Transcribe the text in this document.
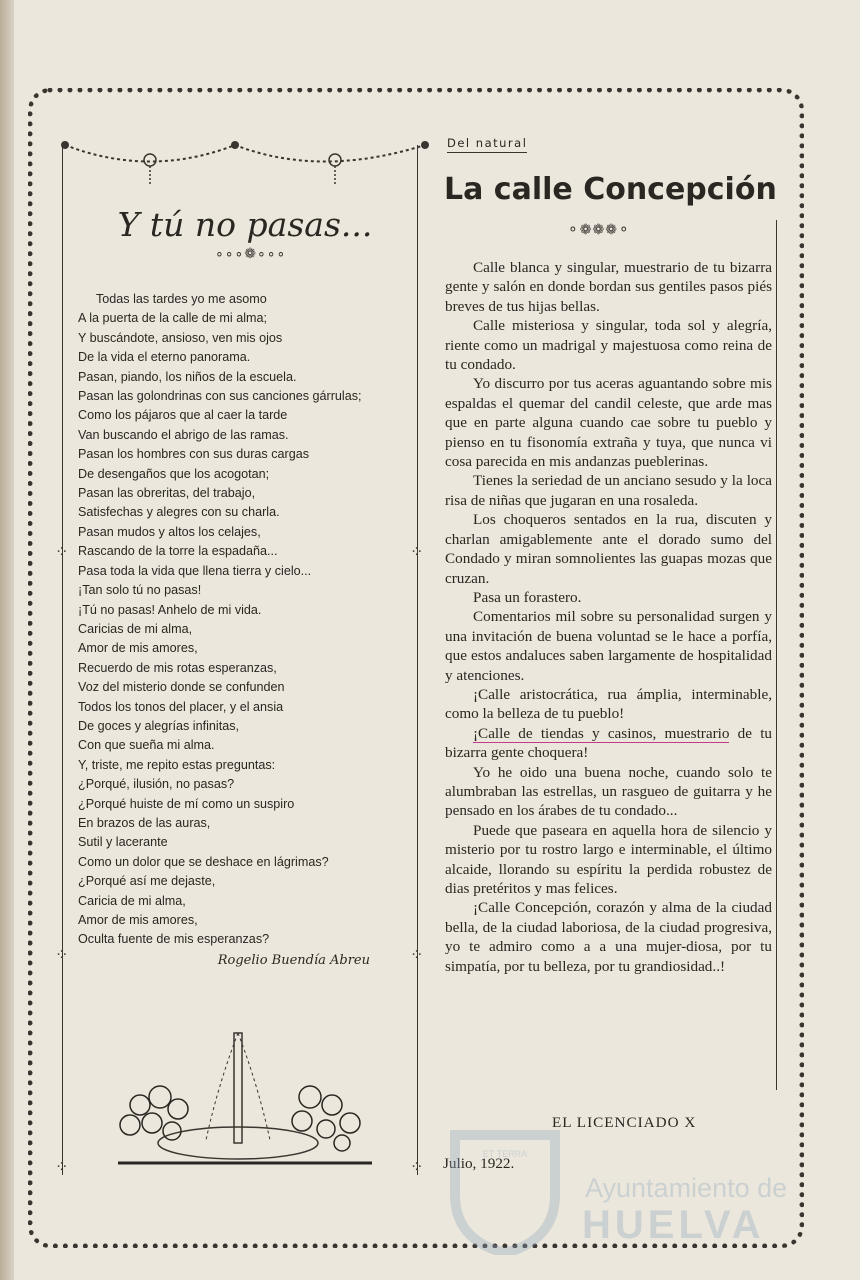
⁘	⁘
⁘	⁘
⁘	⁘
Y tú no pasas...
∘∘∘❁∘∘∘
Todas las tardes yo me asomo
A la puerta de la calle de mi alma;
Y buscándote, ansioso, ven mis ojos
De la vida el eterno panorama.
Pasan, piando, los niños de la escuela.
Pasan las golondrinas con sus canciones gárrulas;
Como los pájaros que al caer la tarde
Van buscando el abrigo de las ramas.
Pasan los hombres con sus duras cargas
De desengaños que los acogotan;
Pasan las obreritas, del trabajo,
Satisfechas y alegres con su charla.
Pasan mudos y altos los celajes,
Rascando de la torre la espadaña...
Pasa toda la vida que llena tierra y cielo...
¡Tan solo tú no pasas!
¡Tú no pasas! Anhelo de mi vida.
Caricias de mi alma,
Amor de mis amores,
Recuerdo de mis rotas esperanzas,
Voz del misterio donde se confunden
Todos los tonos del placer, y el ansia
De goces y alegrías infinitas,
Con que sueña mi alma.
Y, triste, me repito estas preguntas:
¿Porqué, ilusión, no pasas?
¿Porqué huiste de mí como un suspiro
En brazos de las auras,
Sutil y lacerante
Como un dolor que se deshace en lágrimas?
¿Porqué así me dejaste,
Caricia de mi alma,
Amor de mis amores,
Oculta fuente de mis esperanzas?
Rogelio Buendía Abreu
Del natural
La calle Concepción
⚬❁❁❁⚬

Calle blanca y singular, muestrario de tu bizarra gente y salón en donde bordan sus gentiles pasos piés breves de tus hijas bellas.

Calle misteriosa y singular, toda sol y alegría, riente como un madrigal y majestuosa como reina de tu condado.

Yo discurro por tus aceras aguantando sobre mis espaldas el quemar del candil celeste, que arde mas que en parte alguna cuando cae sobre tu pueblo y pienso en tu fisonomía extraña y tuya, que nunca vi cosa parecida en mis andanzas pueblerinas.

Tienes la seriedad de un anciano sesudo y la loca risa de niñas que jugaran en una rosaleda.

Los choqueros sentados en la rua, discuten y charlan amigablemente ante el dorado sumo del Condado y miran somnolientes las guapas mozas que cruzan.

Pasa un forastero.

Comentarios mil sobre su personalidad surgen y una invitación de buena voluntad se le hace a porfía, que estos andaluces saben largamente de hospitalidad y atenciones.

¡Calle aristocrática, rua ámplia, interminable, como la belleza de tu pueblo!

¡Calle de tiendas y casinos, muestrario de tu bizarra gente choquera!

Yo he oido una buena noche, cuando solo te alumbraban las estrellas, un rasgueo de guitarra y he pensado en los árabes de tu condado...

Puede que paseara en aquella hora de silencio y misterio por tu rostro largo e interminable, el último alcaide, llorando su espíritu la perdida robustez de dias pretéritos y mas felices.

¡Calle Concepción, corazón y alma de la ciudad bella, de la ciudad laboriosa, de la ciudad progresiva, yo te admiro como a a una mujer-diosa, por tu simpatía, por tu belleza, por tu grandiosidad..!

EL LICENCIADO X
Julio, 1922.
ET TERRA
Ayuntamiento de
HUELVA
